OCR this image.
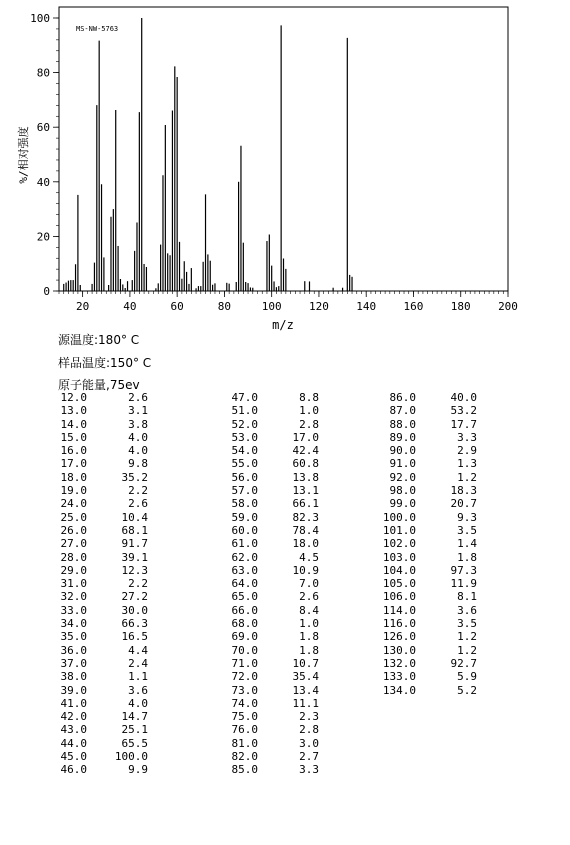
MS-NW-5763
%/相对强度
m/z
20	40	60	80	100 120 140 160 180 200
0
20
40
60
80
100
源温度:180° C
样品温度:150° C
原子能量,75ev
12.0	2.6
13.0	3.1
14.0	3.8
15.0	4.0
16.0	4.0
17.0	9.8
18.0	35.2
19.0	2.2
24.0	2.6
25.0	10.4
26.0	68.1
27.0	91.7
28.0	39.1
29.0	12.3
31.0	2.2
32.0	27.2
33.0	30.0
34.0	66.3
35.0	16.5
36.0	4.4
37.0	2.4
38.0	1.1
39.0	3.6
41.0	4.0
42.0	14.7
43.0	25.1
44.0	65.5
45.0	100.0
46.0	9.9
47.0	8.8
51.0	1.0
52.0	2.8
53.0	17.0
54.0	42.4
55.0	60.8
56.0	13.8
57.0	13.1
58.0	66.1
59.0	82.3
60.0	78.4
61.0	18.0
62.0	4.5
63.0	10.9
64.0	7.0
65.0	2.6
66.0	8.4
68.0	1.0
69.0	1.8
70.0	1.8
71.0	10.7
72.0	35.4
73.0	13.4
74.0	11.1
75.0	2.3
76.0	2.8
81.0	3.0
82.0	2.7
85.0	3.3
86.0	40.0
87.0	53.2
88.0	17.7
89.0	3.3
90.0	2.9
91.0	1.3
92.0	1.2
98.0	18.3
99.0	20.7
100.0	9.3
101.0	3.5
102.0	1.4
103.0	1.8
104.0	97.3
105.0	11.9
106.0	8.1
114.0	3.6
116.0	3.5
126.0	1.2
130.0	1.2
132.0	92.7
133.0	5.9
134.0	5.2
